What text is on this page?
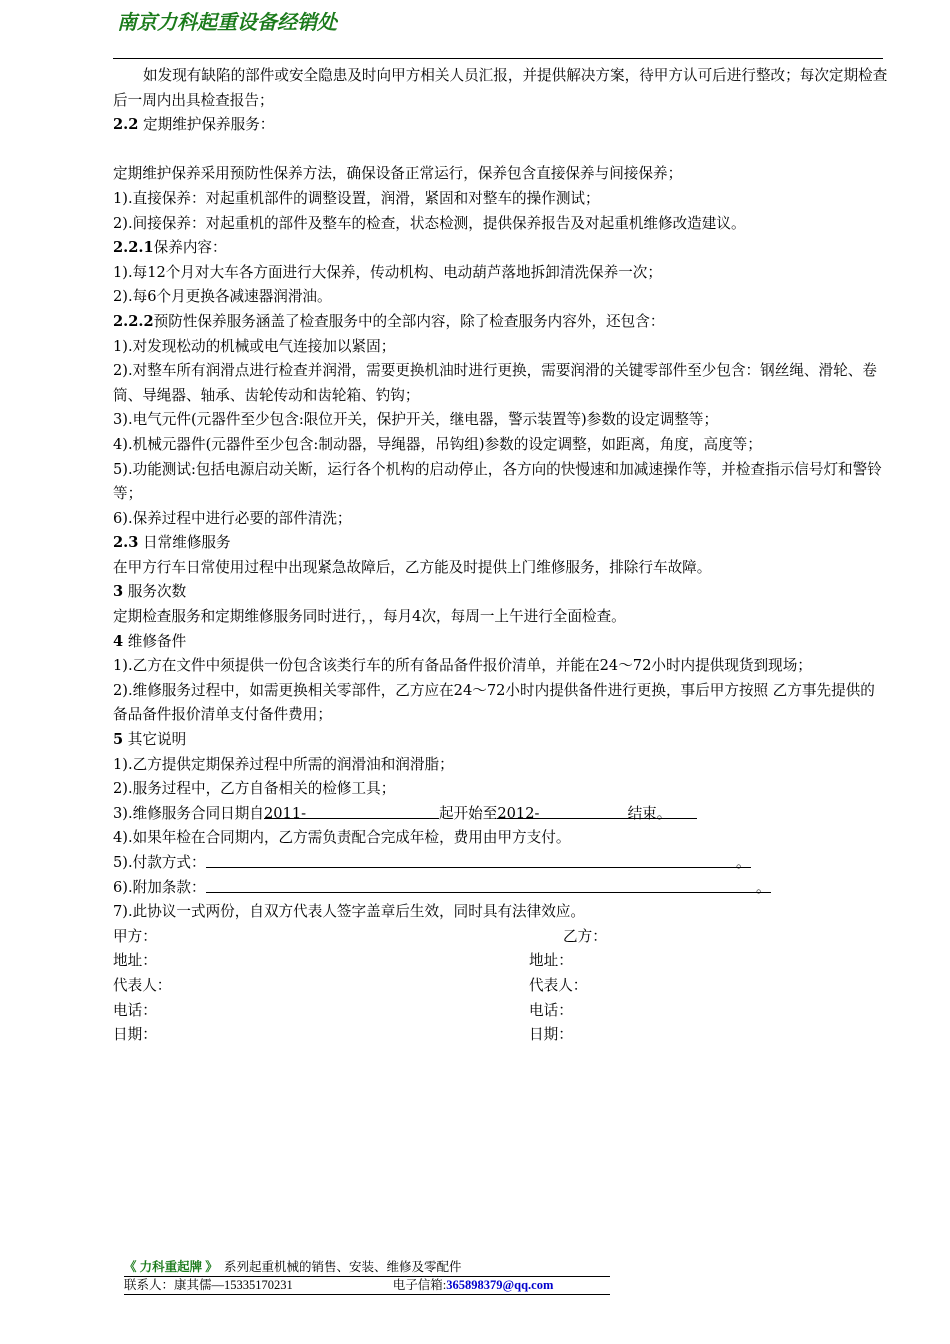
南京力科起重设备经销处

如发现有缺陷的部件或安全隐患及时向甲方相关人员汇报，并提供解决方案，待甲方认可后进行整改；每次定期检查后一周内出具检查报告；

2.2 定期维护保养服务：

定期维护保养采用预防性保养方法，确保设备正常运行，保养包含直接保养与间接保养；

1).直接保养：对起重机部件的调整设置，润滑，紧固和对整车的操作测试；

2).间接保养：对起重机的部件及整车的检查，状态检测，提供保养报告及对起重机维修改造建议。

2.2.1保养内容：

1).每12个月对大车各方面进行大保养，传动机构、电动葫芦落地拆卸清洗保养一次；

2).每6个月更换各减速器润滑油。

2.2.2预防性保养服务涵盖了检查服务中的全部内容，除了检查服务内容外，还包含：

1).对发现松动的机械或电气连接加以紧固；

2).对整车所有润滑点进行检查并润滑，需要更换机油时进行更换，需要润滑的关键零部件至少包含：钢丝绳、滑轮、卷筒、导绳器、轴承、齿轮传动和齿轮箱、钓钩；

3).电气元件(元器件至少包含:限位开关，保护开关，继电器，警示装置等)参数的设定调整等；

4).机械元器件(元器件至少包含:制动器，导绳器，吊钩组)参数的设定调整，如距离，角度，高度等；

5).功能测试:包括电源启动关断，运行各个机构的启动停止，各方向的快慢速和加减速操作等，并检查指示信号灯和警铃等；

6).保养过程中进行必要的部件清洗；

2.3 日常维修服务

在甲方行车日常使用过程中出现紧急故障后，乙方能及时提供上门维修服务，排除行车故障。

3 服务次数

定期检查服务和定期维修服务同时进行，，每月4次，每周一上午进行全面检查。

4 维修备件

1).乙方在文件中须提供一份包含该类行车的所有备品备件报价清单，并能在24～72小时内提供现货到现场；

2).维修服务过程中，如需更换相关零部件，乙方应在24～72小时内提供备件进行更换，事后甲方按照 乙方事先提供的备品备件报价清单支付备件费用；

5 其它说明

1).乙方提供定期保养过程中所需的润滑油和润滑脂；

2).服务过程中，乙方自备相关的检修工具；

3).维修服务合同日期自2011-	起开始至2012-	结束。

4).如果年检在合同期内，乙方需负责配合完成年检，费用由甲方支付。

5).付款方式：	。

6).附加条款：	。

7).此协议一式两份，自双方代表人签字盖章后生效，同时具有法律效应。

甲方：	乙方：
地址：	地址：
代表人：	代表人：
电话：	电话：
日期：	日期：
《 力科重起牌 》 系列起重机械的销售、安装、维修及零配件
联系人：康其儒—15335170231	电子信箱:365898379@qq.com
